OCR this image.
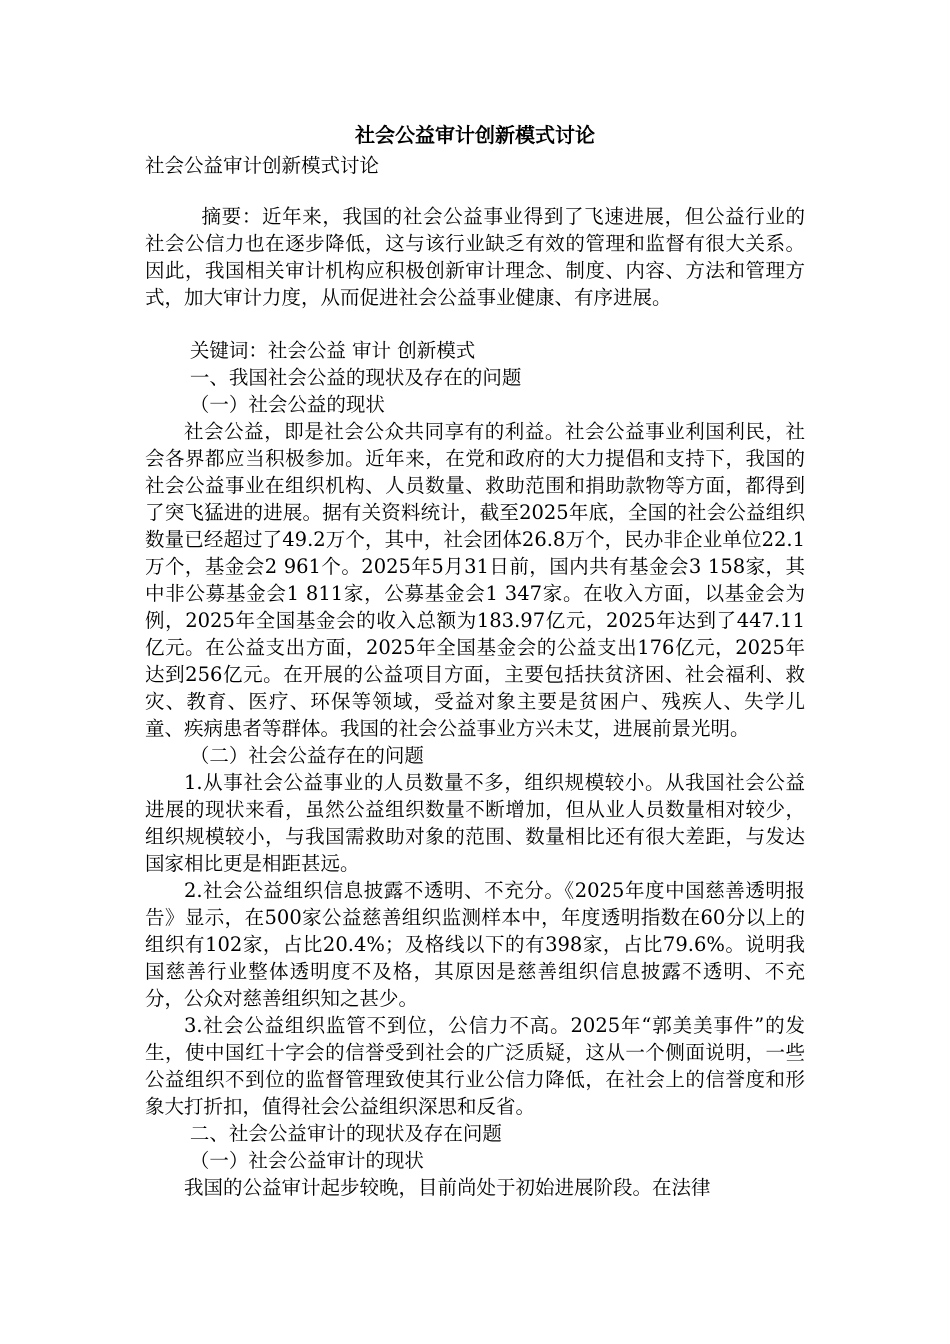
社会公益审计创新模式讨论
社会公益审计创新模式讨论

摘要：近年来，我国的社会公益事业得到了飞速进展，但公益行业的社会公信力也在逐步降低，这与该行业缺乏有效的管理和监督有很大关系。因此，我国相关审计机构应积极创新审计理念、制度、内容、方法和管理方式，加大审计力度，从而促进社会公益事业健康、有序进展。

关键词：社会公益 审计 创新模式

一、我国社会公益的现状及存在的问题

（一）社会公益的现状

社会公益，即是社会公众共同享有的利益。社会公益事业利国利民，社会各界都应当积极参加。近年来，在党和政府的大力提倡和支持下，我国的社会公益事业在组织机构、人员数量、救助范围和捐助款物等方面，都得到了突飞猛进的进展。据有关资料统计，截至2025年底，全国的社会公益组织数量已经超过了49.2万个，其中，社会团体26.8万个，民办非企业单位22.1万个，基金会2 961个。2025年5月31日前，国内共有基金会3 158家，其中非公募基金会1 811家，公募基金会1 347家。在收入方面，以基金会为例，2025年全国基金会的收入总额为183.97亿元，2025年达到了447.11亿元。在公益支出方面，2025年全国基金会的公益支出176亿元，2025年达到256亿元。在开展的公益项目方面，主要包括扶贫济困、社会福利、救灾、教育、医疗、环保等领域，受益对象主要是贫困户、残疾人、失学儿童、疾病患者等群体。我国的社会公益事业方兴未艾，进展前景光明。

（二）社会公益存在的问题

1.从事社会公益事业的人员数量不多，组织规模较小。从我国社会公益进展的现状来看，虽然公益组织数量不断增加，但从业人员数量相对较少，组织规模较小，与我国需救助对象的范围、数量相比还有很大差距，与发达国家相比更是相距甚远。

2.社会公益组织信息披露不透明、不充分。《2025年度中国慈善透明报告》显示，在500家公益慈善组织监测样本中，年度透明指数在60分以上的组织有102家，占比20.4%；及格线以下的有398家，占比79.6%。说明我国慈善行业整体透明度不及格，其原因是慈善组织信息披露不透明、不充分，公众对慈善组织知之甚少。

3.社会公益组织监管不到位，公信力不高。2025年“郭美美事件”的发生，使中国红十字会的信誉受到社会的广泛质疑，这从一个侧面说明，一些公益组织不到位的监督管理致使其行业公信力降低，在社会上的信誉度和形象大打折扣，值得社会公益组织深思和反省。

二、社会公益审计的现状及存在问题

（一）社会公益审计的现状

我国的公益审计起步较晚，目前尚处于初始进展阶段。在法律
